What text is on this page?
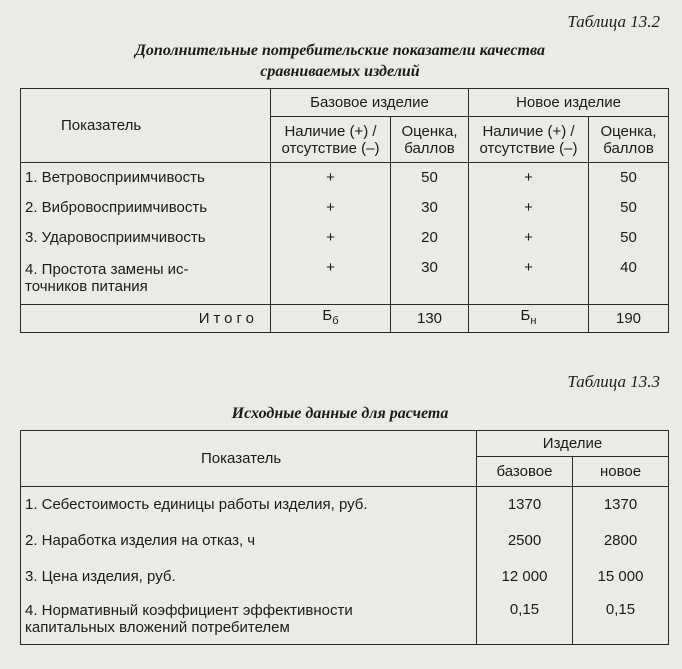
Таблица 13.2
Дополнительные потребительские показатели качества
сравниваемых изделий
Показатель	Базовое изделие		Новое изделие	
	Наличие (+) / отсутствие (–)	Оценка, баллов	Наличие (+) / отсутствие (–)	Оценка, баллов
1. Ветровосприимчивость	+	50	+	50
2. Вибровосприимчивость	+	30	+	50
3. Ударовосприимчивость	+	20	+	50
4. Простота замены ис-точников питания	+	30	+	40
Итого	$Б_б$	130	$Б_н$	190
Таблица 13.3
Исходные данные для расчета
Показатель	Изделие	
	базовое	новое
1. Себестоимость единицы работы изделия, руб.	1370	1370
2. Наработка изделия на отказ, ч	2500	2800
3. Цена изделия, руб.	12 000	15 000
4. Нормативный коэффициент эффективности капитальных вложений потребителем	0,15	0,15
